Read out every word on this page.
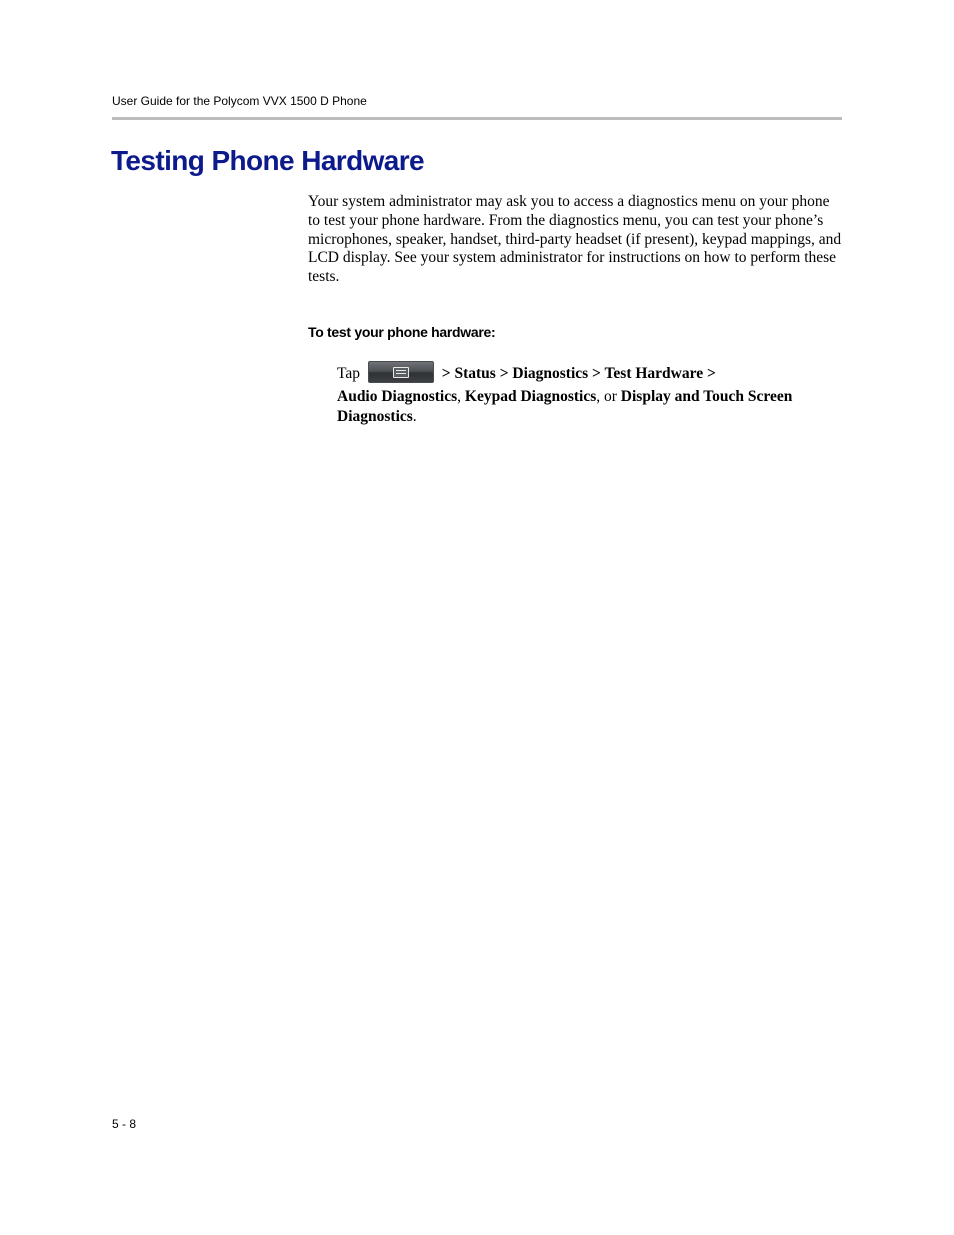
User Guide for the Polycom VVX 1500 D Phone
Testing Phone Hardware

Your system administrator may ask you to access a diagnostics menu on your phone to test your phone hardware. From the diagnostics menu, you can test your phone’s microphones, speaker, handset, third-party headset (if present), keypad mappings, and LCD display. See your system administrator for instructions on how to perform these tests.

To test your phone hardware:
Tap	> Status > Diagnostics > Test Hardware >
Audio Diagnostics, Keypad Diagnostics, or Display and Touch Screen Diagnostics.
5 - 8
